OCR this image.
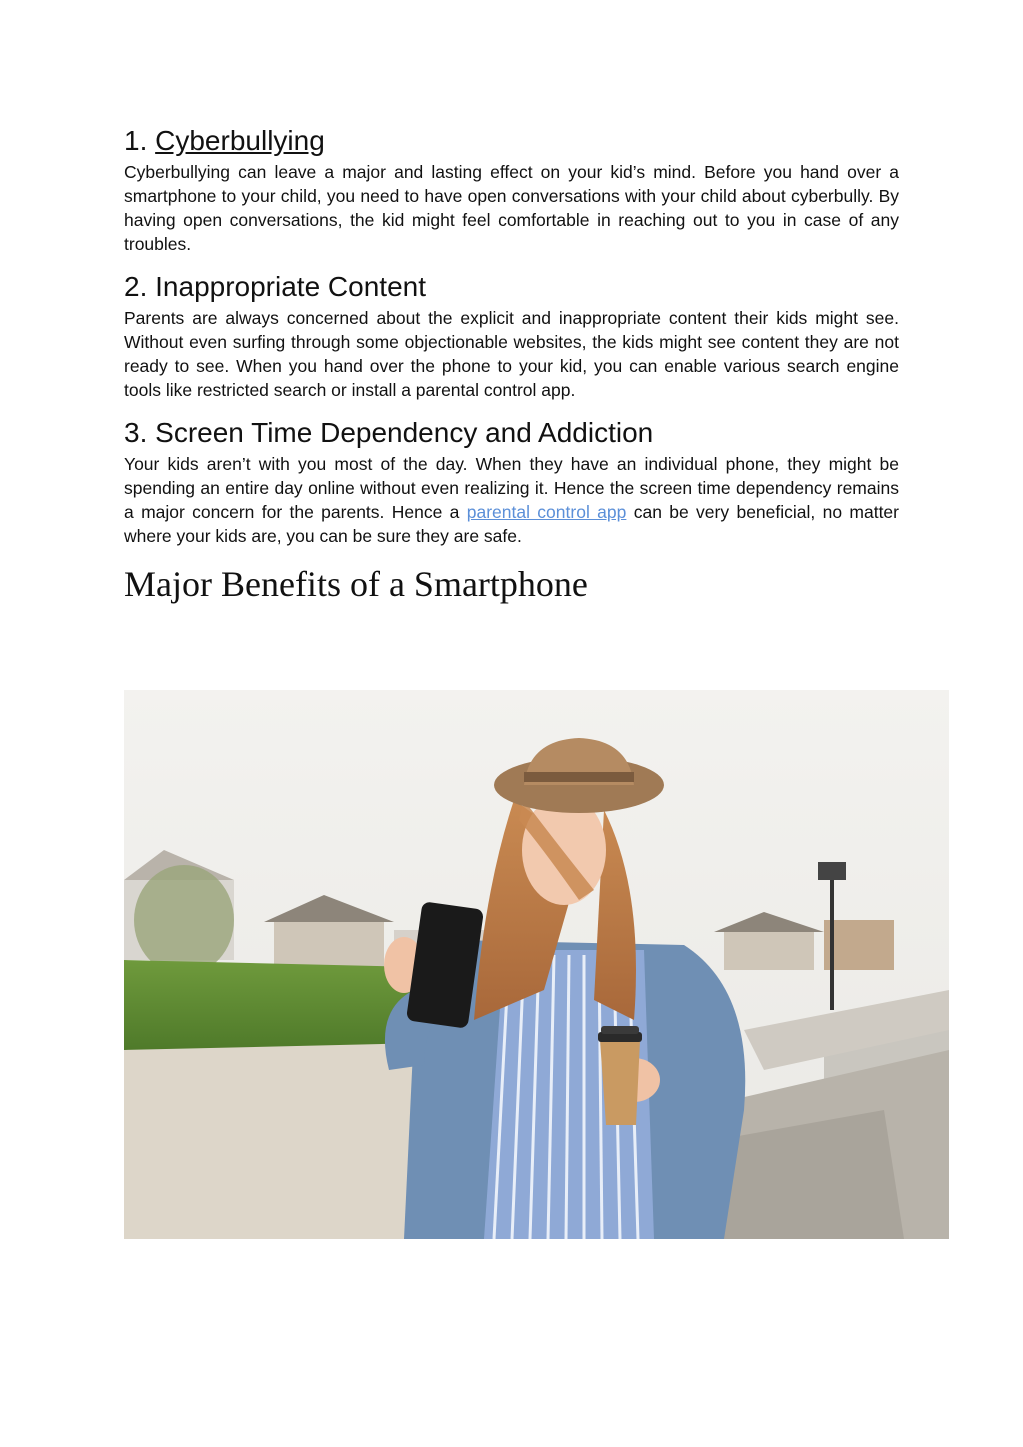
1. Cyberbullying

Cyberbullying can leave a major and lasting effect on your kid’s mind. Before you hand over a smartphone to your child, you need to have open conversations with your child about cyberbully. By having open conversations, the kid might feel comfortable in reaching out to you in case of any troubles.

2. Inappropriate Content

Parents are always concerned about the explicit and inappropriate content their kids might see. Without even surfing through some objectionable websites, the kids might see content they are not ready to see. When you hand over the phone to your kid, you can enable various search engine tools like restricted search or install a parental control app.

3. Screen Time Dependency and Addiction

Your kids aren’t with you most of the day. When they have an individual phone, they might be spending an entire day online without even realizing it. Hence the screen time dependency remains a major concern for the parents. Hence a parental control app can be very beneficial, no matter where your kids are, you can be sure they are safe.

Major Benefits of a Smartphone
